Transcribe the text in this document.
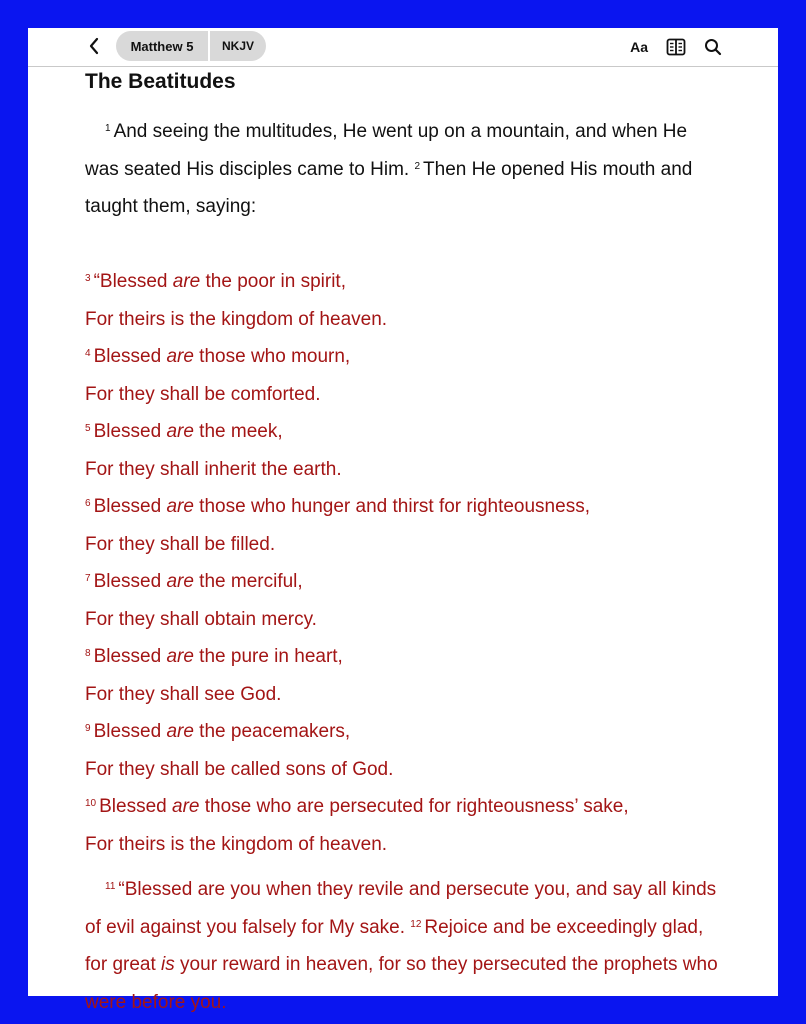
Matthew 5	NKJV	Aa
The Beatitudes

$^1$ And seeing the multitudes, He went up on a mountain, and when He was seated His disciples came to Him. $^2$ Then He opened His mouth and taught them, saying:

$^3$ “Blessed are the poor in spirit,
For theirs is the kingdom of heaven.
$^4$ Blessed are those who mourn,
For they shall be comforted.
$^5$ Blessed are the meek,
For they shall inherit the earth.
$^6$ Blessed are those who hunger and thirst for righteousness,
For they shall be filled.
$^7$ Blessed are the merciful,
For they shall obtain mercy.
$^8$ Blessed are the pure in heart,
For they shall see God.
$^9$ Blessed are the peacemakers,
For they shall be called sons of God.
$^{10}$ Blessed are those who are persecuted for righteousness’ sake,
For theirs is the kingdom of heaven.

$^{11}$ “Blessed are you when they revile and persecute you, and say all kinds of evil against you falsely for My sake. $^{12}$ Rejoice and be exceedingly glad, for great is your reward in heaven, for so they persecuted the prophets who were before you.
